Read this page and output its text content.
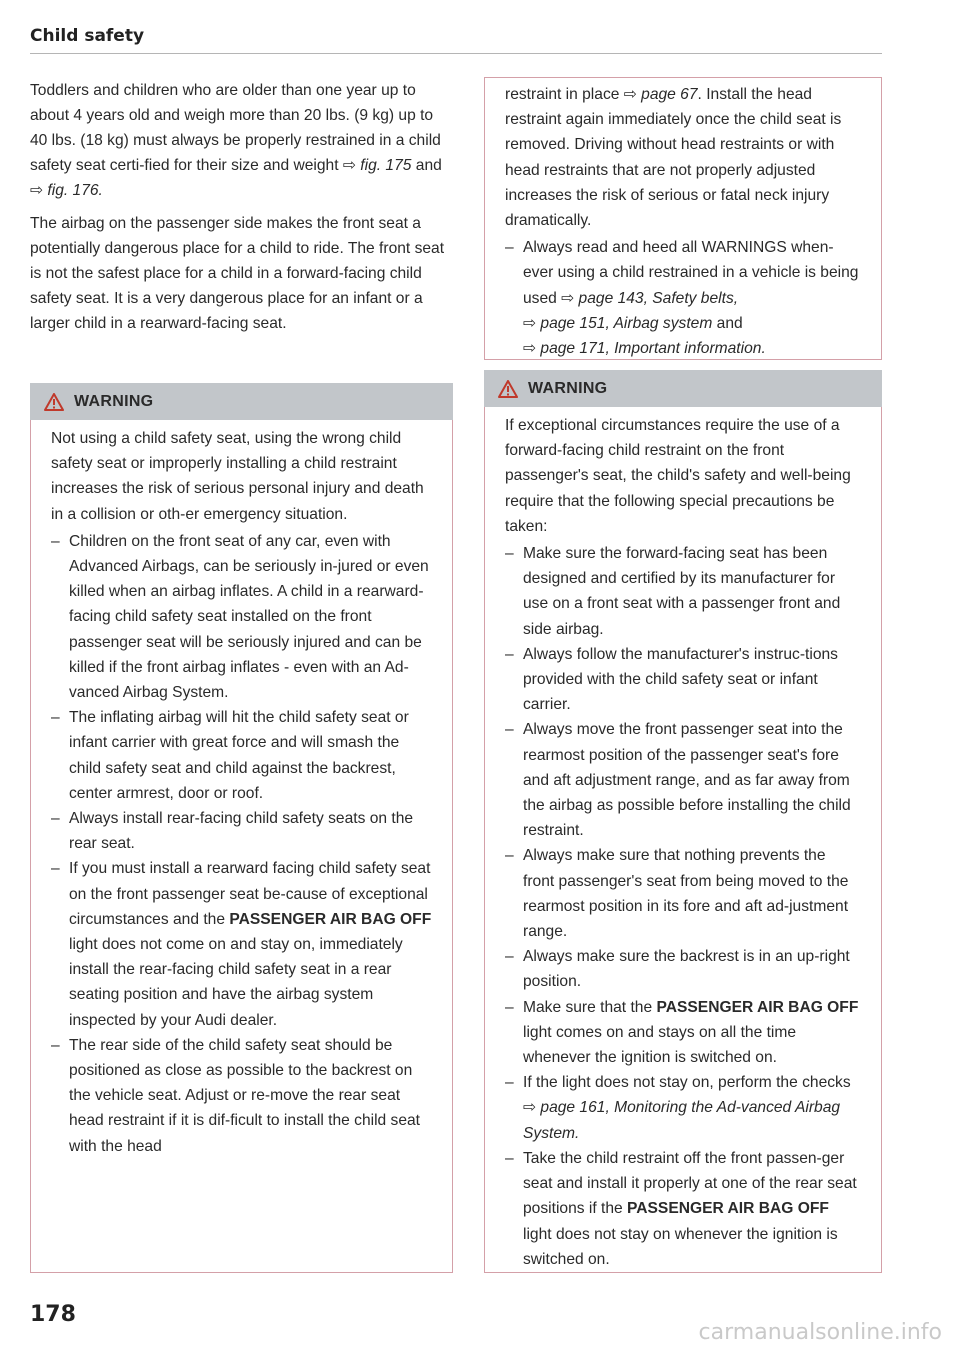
Child safety

Toddlers and children who are older than one year up to about 4 years old and weigh more than 20 lbs. (9 kg) up to 40 lbs. (18 kg) must always be properly restrained in a child safety seat certi-fied for their size and weight ⇨ fig. 175 and ⇨ fig. 176.

The airbag on the passenger side makes the front seat a potentially dangerous place for a child to ride. The front seat is not the safest place for a child in a forward-facing child safety seat. It is a very dangerous place for an infant or a larger child in a rearward-facing seat.

WARNING

Not using a child safety seat, using the wrong child safety seat or improperly installing a child restraint increases the risk of serious personal injury and death in a collision or oth-er emergency situation.

– Children on the front seat of any car, even with Advanced Airbags, can be seriously in-jured or even killed when an airbag inflates. A child in a rearward-facing child safety seat installed on the front passenger seat will be seriously injured and can be killed if the front airbag inflates - even with an Ad-vanced Airbag System.
– The inflating airbag will hit the child safety seat or infant carrier with great force and will smash the child safety seat and child against the backrest, center armrest, door or roof.
– Always install rear-facing child safety seats on the rear seat.
– If you must install a rearward facing child safety seat on the front passenger seat be-cause of exceptional circumstances and the PASSENGER AIR BAG OFF light does not come on and stay on, immediately install the rear-facing child safety seat in a rear seating position and have the airbag system inspected by your Audi dealer.
– The rear side of the child safety seat should be positioned as close as possible to the backrest on the vehicle seat. Adjust or re-move the rear seat head restraint if it is dif-ficult to install the child seat with the head

restraint in place ⇨ page 67. Install the head restraint again immediately once the child seat is removed. Driving without head restraints or with head restraints that are not properly adjusted increases the risk of serious or fatal neck injury dramatically.

– Always read and heed all WARNINGS when-ever using a child restrained in a vehicle is being used ⇨ page 143, Safety belts,
⇨ page 151, Airbag system and
⇨ page 171, Important information.
WARNING

If exceptional circumstances require the use of a forward-facing child restraint on the front passenger's seat, the child's safety and well-being require that the following special precautions be taken:

– Make sure the forward-facing seat has been designed and certified by its manufacturer for use on a front seat with a passenger front and side airbag.
– Always follow the manufacturer's instruc-tions provided with the child safety seat or infant carrier.
– Always move the front passenger seat into the rearmost position of the passenger seat's fore and aft adjustment range, and as far away from the airbag as possible before installing the child restraint.
– Always make sure that nothing prevents the front passenger's seat from being moved to the rearmost position in its fore and aft ad-justment range.
– Always make sure the backrest is in an up-right position.
– Make sure that the PASSENGER AIR BAG OFF light comes on and stays on all the time whenever the ignition is switched on.
– If the light does not stay on, perform the checks ⇨ page 161, Monitoring the Ad-vanced Airbag System.
– Take the child restraint off the front passen-ger seat and install it properly at one of the rear seat positions if the PASSENGER AIR BAG OFF light does not stay on whenever the ignition is switched on.
178
carmanualsonline.info
